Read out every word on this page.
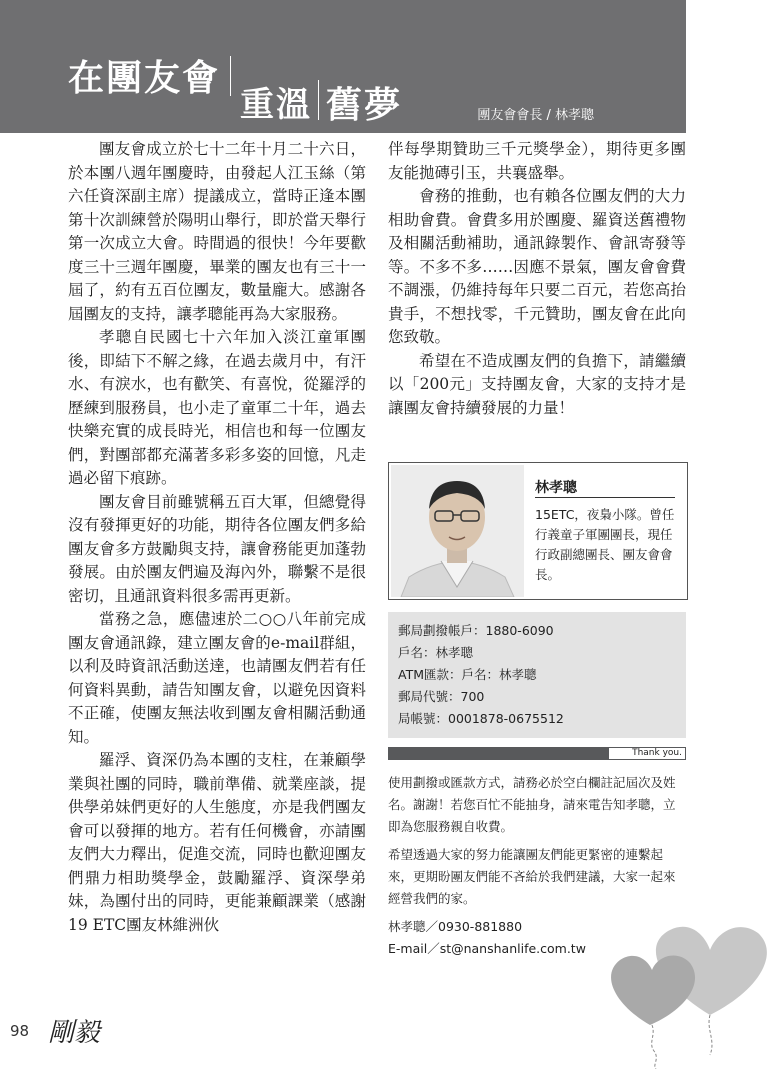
在團友會
重溫 舊夢	團友會會長 / 林孝聰

團友會成立於七十二年十月二十六日，於本團八週年團慶時，由發起人江玉絲（第六任資深副主席）提議成立，當時正逢本團第十次訓練營於陽明山舉行，即於當天舉行第一次成立大會。時間過的很快！今年要歡度三十三週年團慶，畢業的團友也有三十一屆了，約有五百位團友，數量龐大。感謝各屆團友的支持，讓孝聰能再為大家服務。

孝聰自民國七十六年加入淡江童軍團後，即結下不解之緣，在過去歲月中，有汗水、有淚水，也有歡笑、有喜悅，從羅浮的歷練到服務員，也小走了童軍二十年，過去快樂充實的成長時光，相信也和每一位團友們，對團部都充滿著多彩多姿的回憶，凡走過必留下痕跡。

團友會目前雖號稱五百大軍，但總覺得沒有發揮更好的功能，期待各位團友們多給團友會多方鼓勵與支持，讓會務能更加蓬勃發展。由於團友們遍及海內外，聯繫不是很密切，且通訊資料很多需再更新。

當務之急，應儘速於二○○八年前完成團友會通訊錄，建立團友會的e-mail群組，以利及時資訊活動送達，也請團友們若有任何資料異動，請告知團友會，以避免因資料不正確，使團友無法收到團友會相關活動通知。

羅浮、資深仍為本團的支柱，在兼顧學業與社團的同時，職前準備、就業座談，提供學弟妹們更好的人生態度，亦是我們團友會可以發揮的地方。若有任何機會，亦請團友們大力釋出，促進交流，同時也歡迎團友們鼎力相助獎學金，鼓勵羅浮、資深學弟妹，為團付出的同時，更能兼顧課業（感謝19 ETC團友林維洲伙

伴每學期贊助三千元獎學金），期待更多團友能拋磚引玉，共襄盛舉。

會務的推動，也有賴各位團友們的大力相助會費。會費多用於團慶、羅資送舊禮物及相關活動補助，通訊錄製作、會訊寄發等等。不多不多……因應不景氣，團友會會費不調漲，仍維持每年只要二百元，若您高抬貴手，不想找零，千元贊助，團友會在此向您致敬。

希望在不造成團友們的負擔下，請繼續以「200元」支持團友會，大家的支持才是讓團友會持續發展的力量！

林孝聰
15ETC，夜梟小隊。曾任行義童子軍團團長，現任行政副總團長、團友會會長。
郵局劃撥帳戶：1880-6090
戶名：林孝聰
ATM匯款：戶名：林孝聰
郵局代號：700
局帳號：0001878-0675512
Thank you.
使用劃撥或匯款方式，請務必於空白欄註記屆次及姓名。謝謝！若您百忙不能抽身，請來電告知孝聰，立即為您服務親自收費。
希望透過大家的努力能讓團友們能更緊密的連繫起來，更期盼團友們能不吝給於我們建議，大家一起來經營我們的家。
林孝聰／0930-881880
E-mail／st@nanshanlife.com.tw
98 剛毅
